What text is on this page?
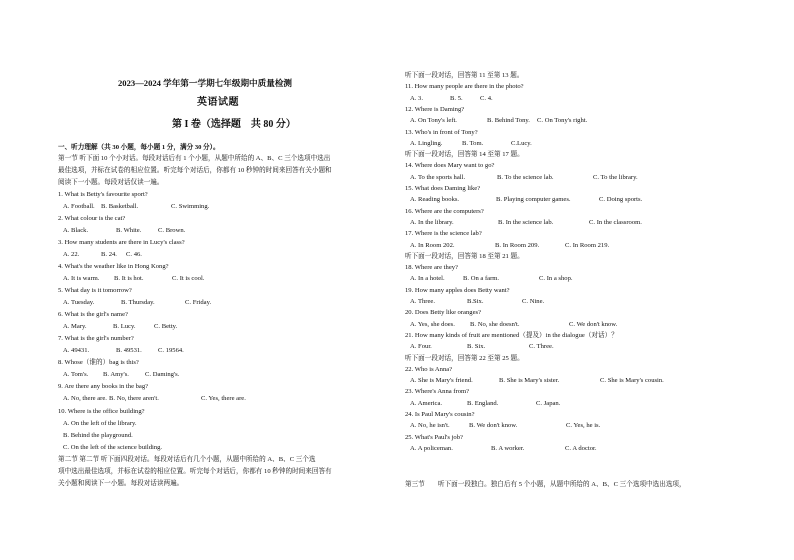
2023—2024 学年第一学期七年级期中质量检测
英语试题
第 I 卷（选择题　共 80 分）
一、听力理解（共 30 小题，每小题 1 分，满分 30 分）。
第一节 听下面 10 个小对话。每段对话后有 1 个小题，从题中所给的 A、B、C 三个选项中选出
最佳选项，并标在试卷的相应位置。听完每个对话后，你都有 10 秒钟的时间来回答有关小题和
阅读下一小题。每段对话仅读一遍。
1. What is Betty's favourite sport?
A. Football. B. Basketball.	C. Swimming.
2. What colour is the cat?
A. Black.	B. White.	C. Brown.
3. How many students are there in Lucy's class?
A. 22.	B. 24. C. 46.
4. What's the weather like in Hong Kong?
A. It is warm. B. It is hot.	C. It is cool.
5. What day is it tomorrow?
A. Tuesday.	B. Thursday.	C. Friday.
6. What is the girl's name?
A. Mary.	B. Lucy.	C. Betty.
7. What is the girl's number?
A. 49431.	B. 49531. C. 19564.
8. Whose（谁的）bag is this?
A. Tom's. B. Amy's. C. Daming's.
9. Are there any books in the bag?
A. No, there are. B. No, there aren't.	C. Yes, there are.
10. Where is the office building?
A. On the left of the library.
B. Behind the playground.
C. On the left of the science building.
第二节 第二节 听下面四段对话。每段对话后有几个小题，从题中所给的 A、B、C 三个选
项中选出最佳选项，并标在试卷的相应位置。听完每个对话后，你都有 10 秒钟的时间来回答有
关小题和阅读下一小题。每段对话读两遍。
听下面一段对话，回答第 11 至第 13 题。
11. How many people are there in the photo?
A. 3.	B. 5.	C. 4.
12. Where is Daming?
A. On Tony's left.	B. Behind Tony. C. On Tony's right.
13. Who's in front of Tony?
A. Lingling.	B. Tom.	C.Lucy.
听下面一段对话，回答第 14 至第 17 题。
14. Where does Mary want to go?
A. To the sports hall.	B. To the science lab.	C. To the library.
15. What does Daming like?
A. Reading books.	B. Playing computer games.	C. Doing sports.
16. Where are the computers?
A. In the library.	B. In the science lab.	C. In the classroom.
17. Where is the science lab?
A. In Room 202.	B. In Room 209.	C. In Room 219.
听下面一段对话，回答第 18 至第 21 题。
18. Where are they?
A. In a hotel.	B. On a farm.	C. In a shop.
19. How many apples does Betty want?
A. Three.	B.Six.	C. Nine.
20. Does Betty like oranges?
A. Yes, she does. B. No, she doesn't.	C. We don't know.
21. How many kinds of fruit are mentioned（提及）in the dialogue（对话）？
A. Four.	B. Six.	C. Three.
听下面一段对话，回答第 22 至第 25 题。
22. Who is Anna?
A. She is Mary's friend.	B. She is Mary's sister.	C. She is Mary's cousin.
23. Where's Anna from?
A. America.	B. England.	C. Japan.
24. Is Paul Mary's cousin?
A. No, he isn't.	B. We don't know.	C. Yes, he is.
25. What's Paul's job?
A. A policeman.	B. A worker.	C. A doctor.
第三节　　听下面一段独白。独白后有 5 个小题，从题中所给的 A、B、C 三个选项中选出选项，
